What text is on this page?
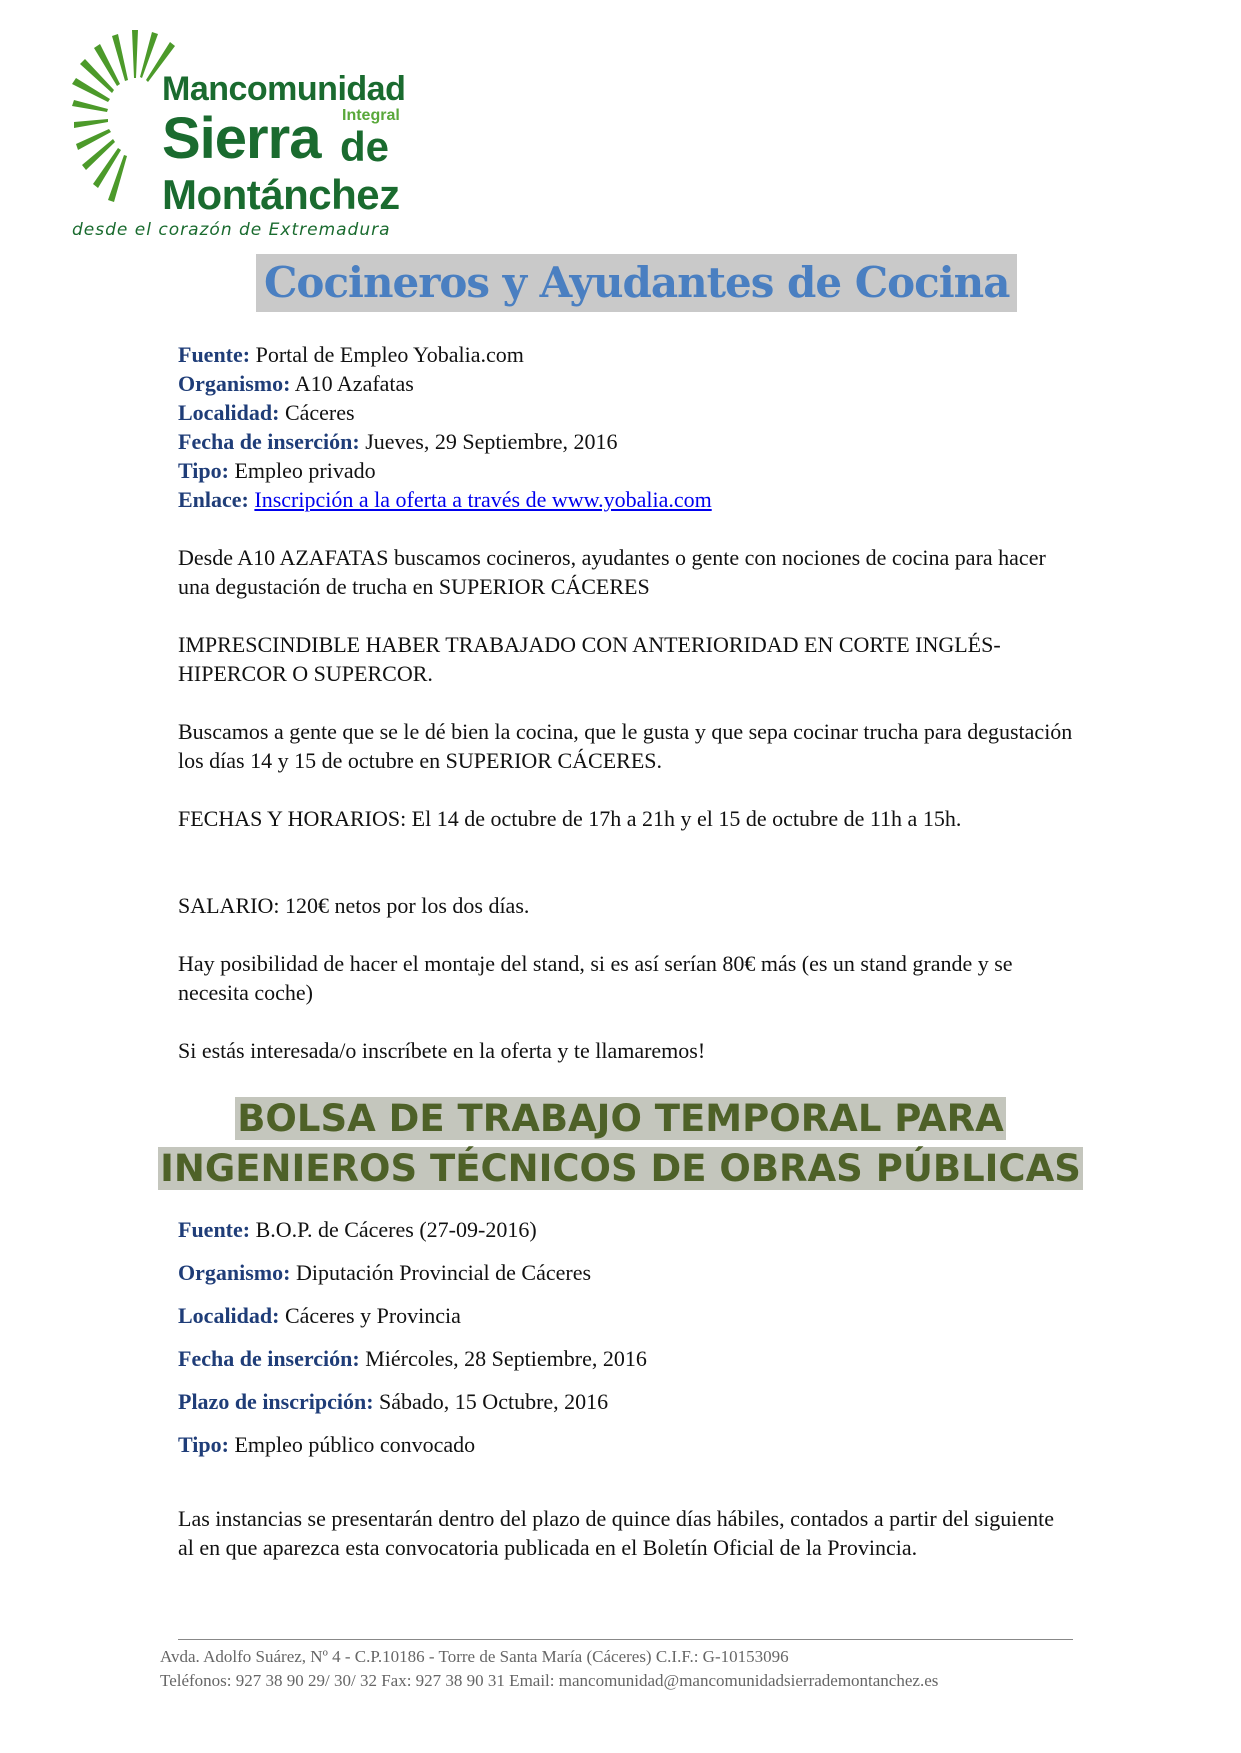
Mancomunidad
Integral
Sierra de
Montánchez
desde el corazón de Extremadura
Cocineros y Ayudantes de Cocina
Fuente: Portal de Empleo Yobalia.com
Organismo: A10 Azafatas
Localidad: Cáceres
Fecha de inserción: Jueves, 29 Septiembre, 2016
Tipo: Empleo privado
Enlace: Inscripción a la oferta a través de www.yobalia.com
Desde A10 AZAFATAS buscamos cocineros, ayudantes o gente con nociones de cocina para hacer una degustación de trucha en SUPERIOR CÁCERES
IMPRESCINDIBLE HABER TRABAJADO CON ANTERIORIDAD EN CORTE INGLÉS- HIPERCOR O SUPERCOR.
Buscamos a gente que se le dé bien la cocina, que le gusta y que sepa cocinar trucha para degustación los días 14 y 15 de octubre en SUPERIOR CÁCERES.
FECHAS Y HORARIOS: El 14 de octubre de 17h a 21h y el 15 de octubre de 11h a 15h.
SALARIO: 120€ netos por los dos días.
Hay posibilidad de hacer el montaje del stand, si es así serían 80€ más (es un stand grande y se necesita coche)
Si estás interesada/o inscríbete en la oferta y te llamaremos!
BOLSA DE TRABAJO TEMPORAL PARA
INGENIEROS TÉCNICOS DE OBRAS PÚBLICAS
Fuente: B.O.P. de Cáceres (27-09-2016)
Organismo: Diputación Provincial de Cáceres
Localidad: Cáceres y Provincia
Fecha de inserción: Miércoles, 28 Septiembre, 2016
Plazo de inscripción: Sábado, 15 Octubre, 2016
Tipo: Empleo público convocado
Las instancias se presentarán dentro del plazo de quince días hábiles, contados a partir del siguiente al en que aparezca esta convocatoria publicada en el Boletín Oficial de la Provincia.
Avda. Adolfo Suárez, Nº 4 - C.P.10186 - Torre de Santa María (Cáceres) C.I.F.: G-10153096
Teléfonos: 927 38 90 29/ 30/ 32 Fax: 927 38 90 31 Email: mancomunidad@mancomunidadsierrademontanchez.es
